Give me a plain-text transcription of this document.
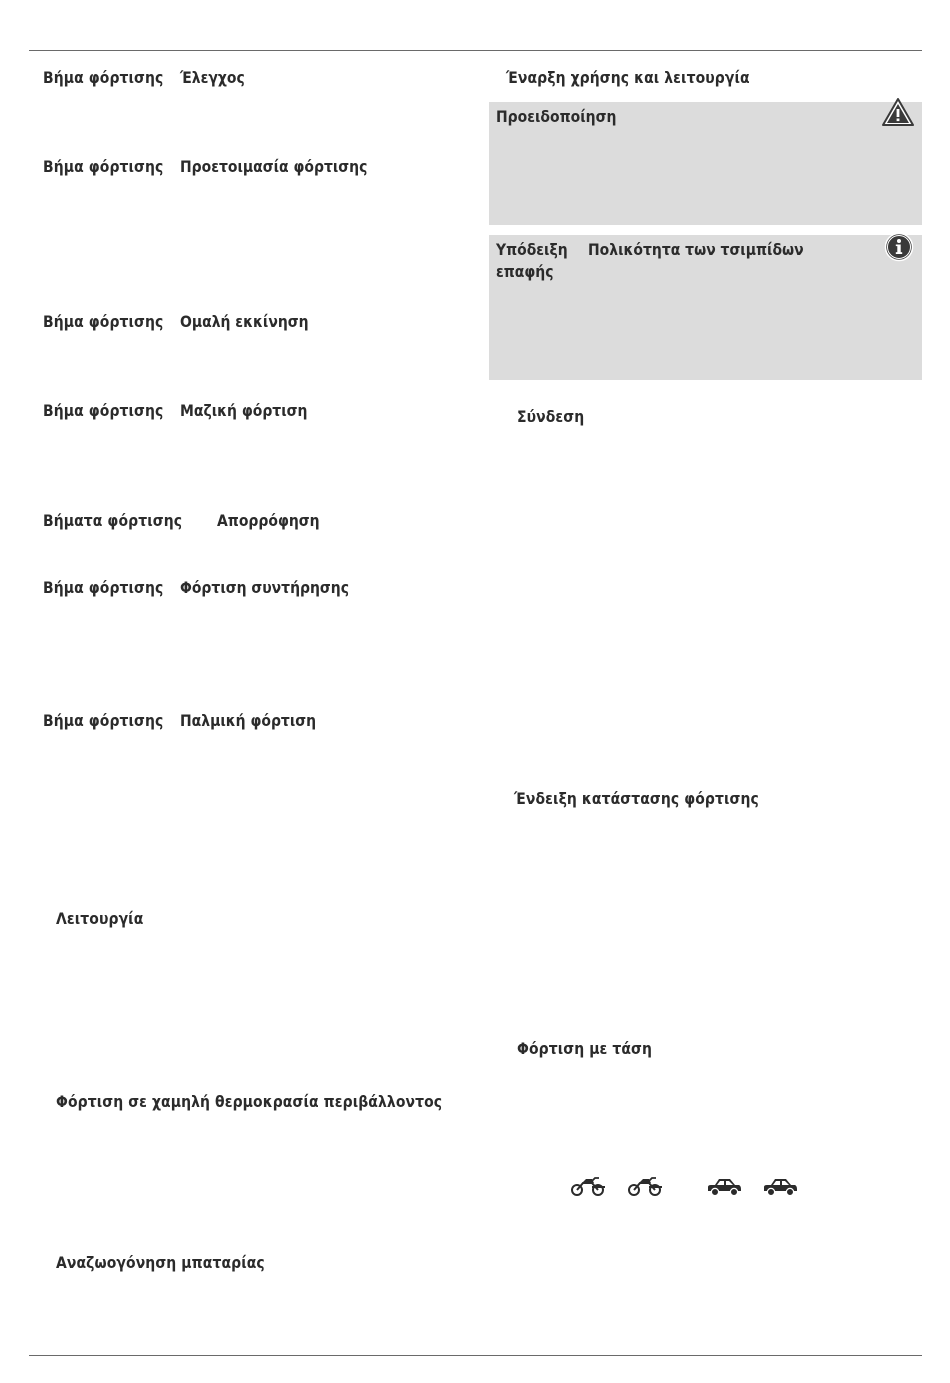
Βήμα φόρτισης Έλεγχος
Βήμα φόρτισης Προετοιμασία φόρτισης
Βήμα φόρτισης Ομαλή εκκίνηση
Βήμα φόρτισης Μαζική φόρτιση
Βήματα φόρτισης Απορρόφηση
Βήμα φόρτισης Φόρτιση συντήρησης
Βήμα φόρτισης Παλμική φόρτιση
Λειτουργία
Φόρτιση σε χαμηλή θερμοκρασία περιβάλλοντος
Αναζωογόνηση μπαταρίας
Έναρξη χρήσης και λειτουργία
Προειδοποίηση
Υπόδειξη
επαφής
Πολικότητα των τσιμπίδων
Σύνδεση
Ένδειξη κατάστασης φόρτισης
Φόρτιση με τάση
